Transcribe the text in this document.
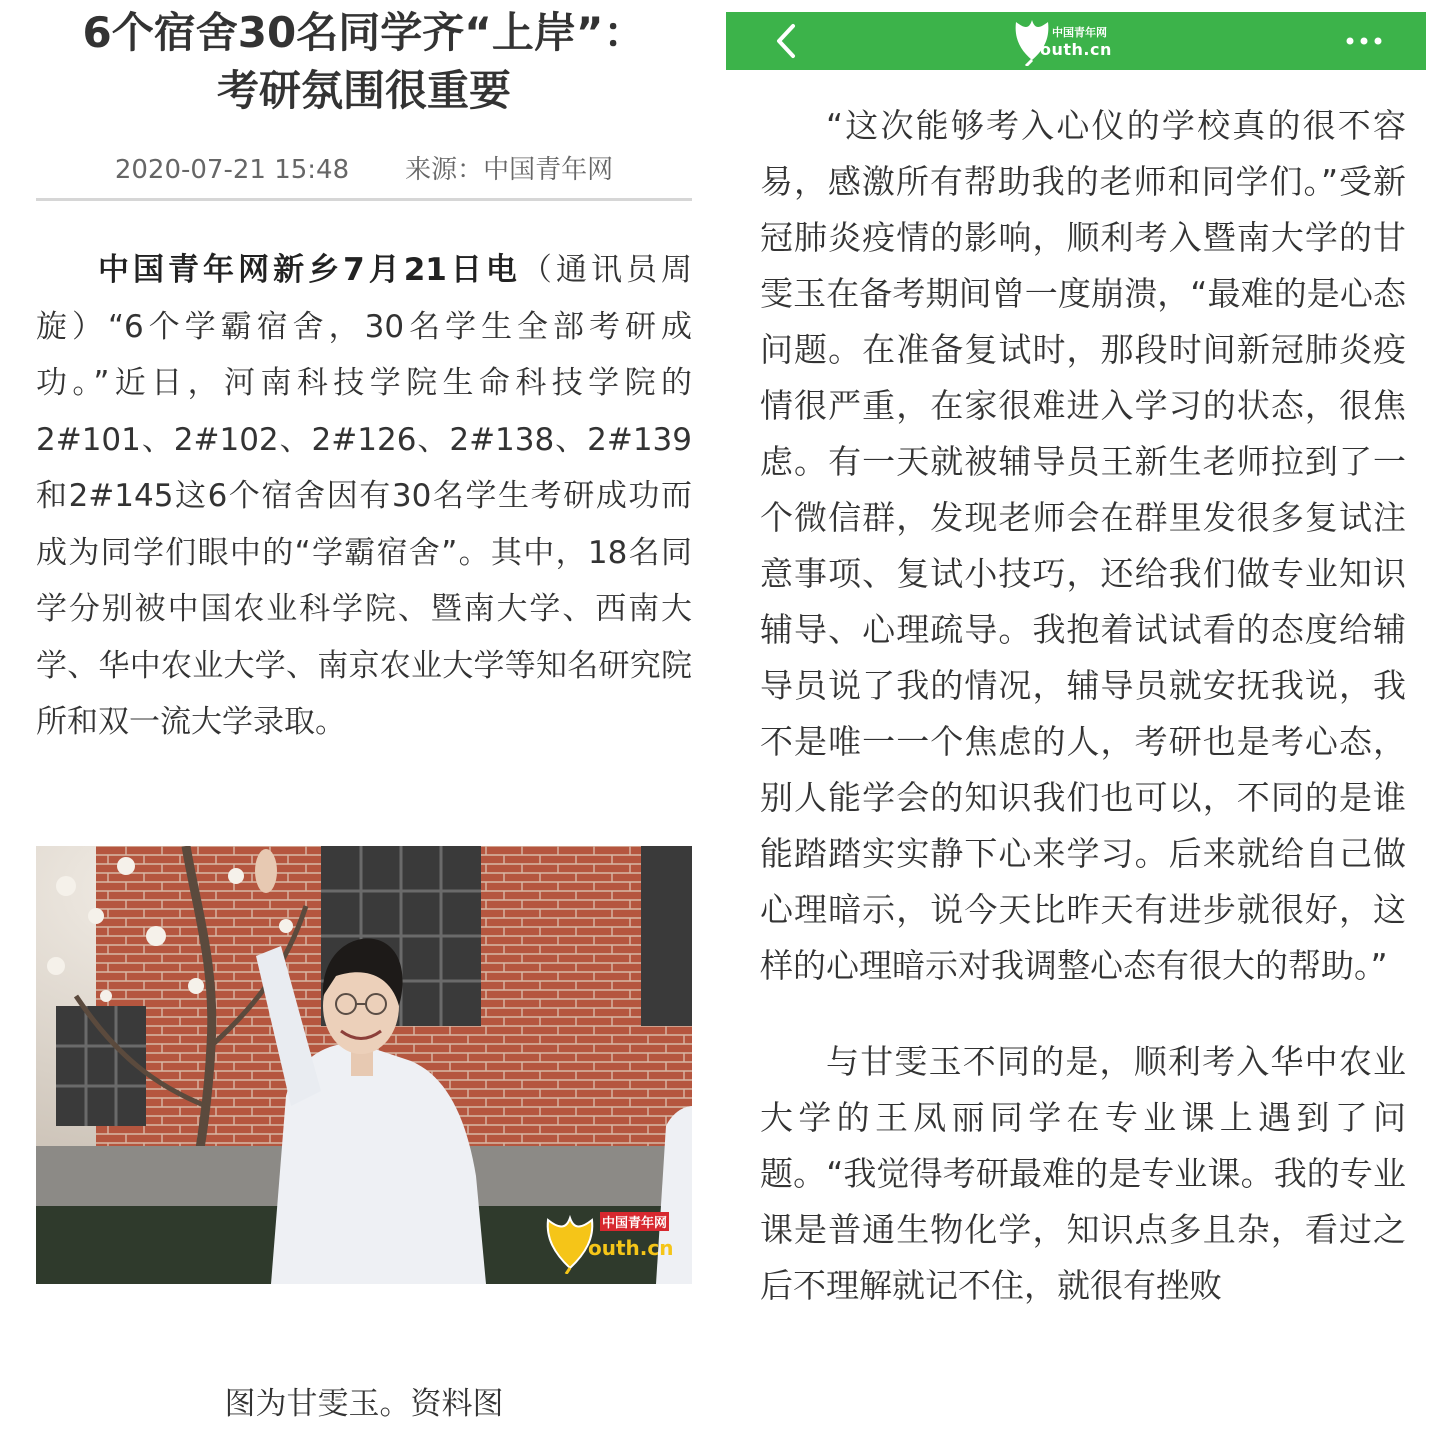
6个宿舍30名同学齐“上岸”：
考研氛围很重要
2020-07-21 15:48 来源：中国青年网

中国青年网新乡7月21日电（通讯员周旋）“6个学霸宿舍，30名学生全部考研成功。”近日，河南科技学院生命科技学院的2#101、2#102、2#126、2#138、2#139和2#145这6个宿舍因有30名学生考研成功而成为同学们眼中的“学霸宿舍”。其中，18名同学分别被中国农业科学院、暨南大学、西南大学、华中农业大学、南京农业大学等知名研究院所和双一流大学录取。

中国青年网
outh.cn
图为甘雯玉。资料图
中国青年网
outh.cn

“这次能够考入心仪的学校真的很不容易，感激所有帮助我的老师和同学们。”受新冠肺炎疫情的影响，顺利考入暨南大学的甘雯玉在备考期间曾一度崩溃，“最难的是心态问题。在准备复试时，那段时间新冠肺炎疫情很严重，在家很难进入学习的状态，很焦虑。有一天就被辅导员王新生老师拉到了一个微信群，发现老师会在群里发很多复试注意事项、复试小技巧，还给我们做专业知识辅导、心理疏导。我抱着试试看的态度给辅导员说了我的情况，辅导员就安抚我说，我不是唯一一个焦虑的人，考研也是考心态，别人能学会的知识我们也可以，不同的是谁能踏踏实实静下心来学习。后来就给自己做心理暗示，说今天比昨天有进步就很好，这样的心理暗示对我调整心态有很大的帮助。”

与甘雯玉不同的是，顺利考入华中农业大学的王凤丽同学在专业课上遇到了问题。“我觉得考研最难的是专业课。我的专业课是普通生物化学，知识点多且杂，看过之后不理解就记不住，就很有挫败
